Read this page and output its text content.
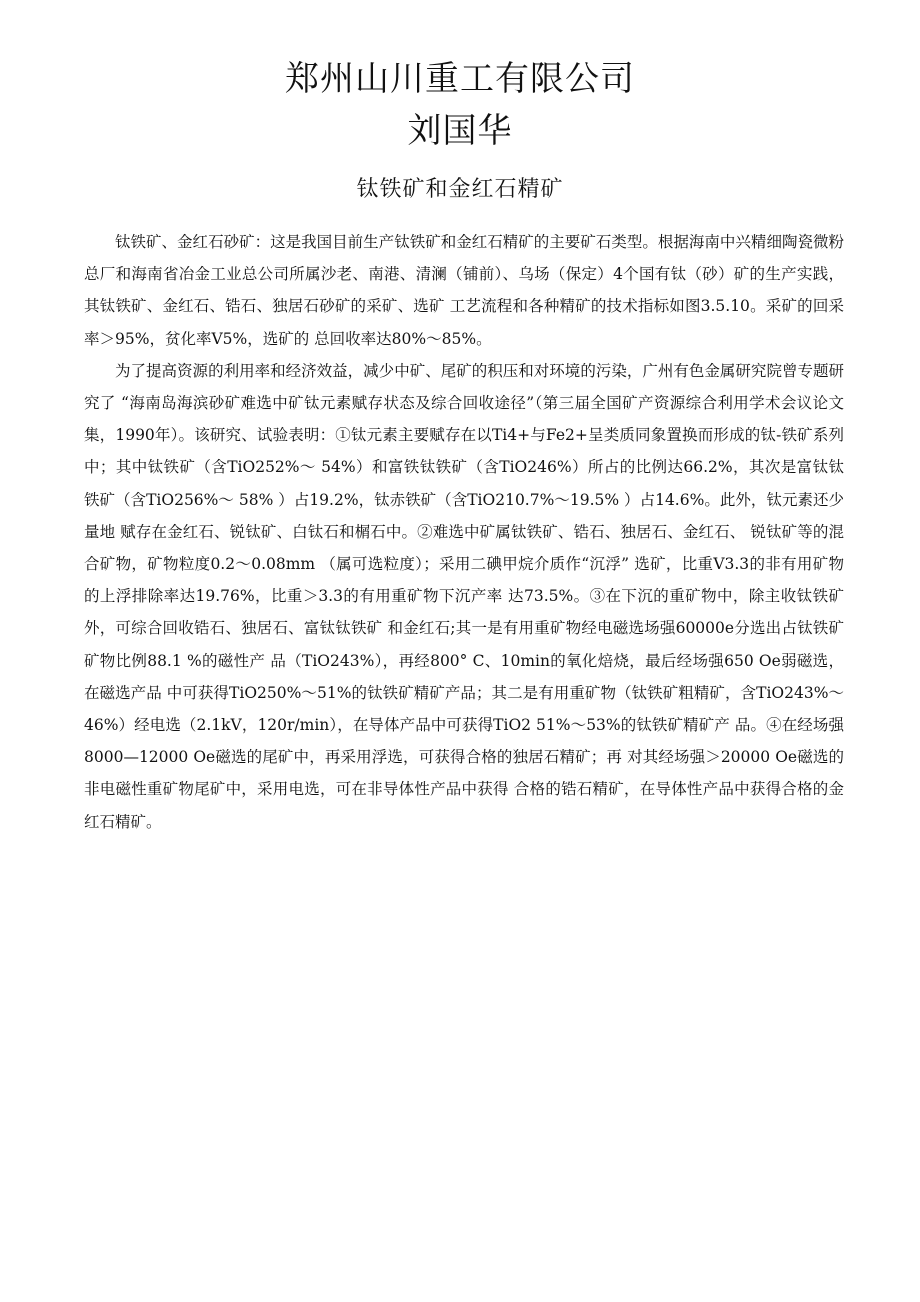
郑州山川重工有限公司
刘国华
钛铁矿和金红石精矿

钛铁矿、金红石砂矿：这是我国目前生产钛铁矿和金红石精矿的主要矿石类型。根据海南中兴精细陶瓷微粉总厂和海南省冶金工业总公司所属沙老、南港、清澜（铺前）、乌场（保定）4个国有钛（砂）矿的生产实践，其钛铁矿、金红石、锆石、独居石砂矿的采矿、选矿 工艺流程和各种精矿的技术指标如图3.5.10。采矿的回采率＞95%，贫化率V5%，选矿的 总回收率达80%～85%。

为了提高资源的利用率和经济效益，减少中矿、尾矿的积压和对环境的污染，广州有色金属研究院曾专题研究了 “海南岛海滨砂矿难选中矿钛元素赋存状态及综合回收途径”（第三届全国矿产资源综合利用学术会议论文集，1990年）。该研究、试验表明：①钛元素主要赋存在以Ti4+与Fe2+呈类质同象置换而形成的钛-铁矿系列中；其中钛铁矿（含TiO252%～ 54%）和富铁钛铁矿（含TiO246%）所占的比例达66.2%，其次是富钛钛铁矿（含TiO256%～ 58% ）占19.2%，钛赤铁矿（含TiO210.7%～19.5% ）占14.6%。此外，钛元素还少量地 赋存在金红石、锐钛矿、白钛石和榍石中。②难选中矿属钛铁矿、锆石、独居石、金红石、 锐钛矿等的混合矿物，矿物粒度0.2～0.08mm （属可选粒度）；采用二碘甲烷介质作“沉浮” 选矿，比重V3.3的非有用矿物的上浮排除率达19.76%，比重＞3.3的有用重矿物下沉产率 达73.5%。③在下沉的重矿物中，除主收钛铁矿外，可综合回收锆石、独居石、富钛钛铁矿 和金红石;其一是有用重矿物经电磁选场强60000e分选出占钛铁矿矿物比例88.1 %的磁性产 品（TiO243%），再经800° C、10min的氧化焙烧，最后经场强650 Oe弱磁选，在磁选产品 中可获得TiO250%～51%的钛铁矿精矿产品；其二是有用重矿物（钛铁矿粗精矿，含TiO243%～ 46%）经电选（2.1kV，120r/min），在导体产品中可获得TiO2 51%～53%的钛铁矿精矿产 品。④在经场强8000—12000 Oe磁选的尾矿中，再采用浮选，可获得合格的独居石精矿；再 对其经场强＞20000 Oe磁选的非电磁性重矿物尾矿中，采用电选，可在非导体性产品中获得 合格的锆石精矿，在导体性产品中获得合格的金红石精矿。
